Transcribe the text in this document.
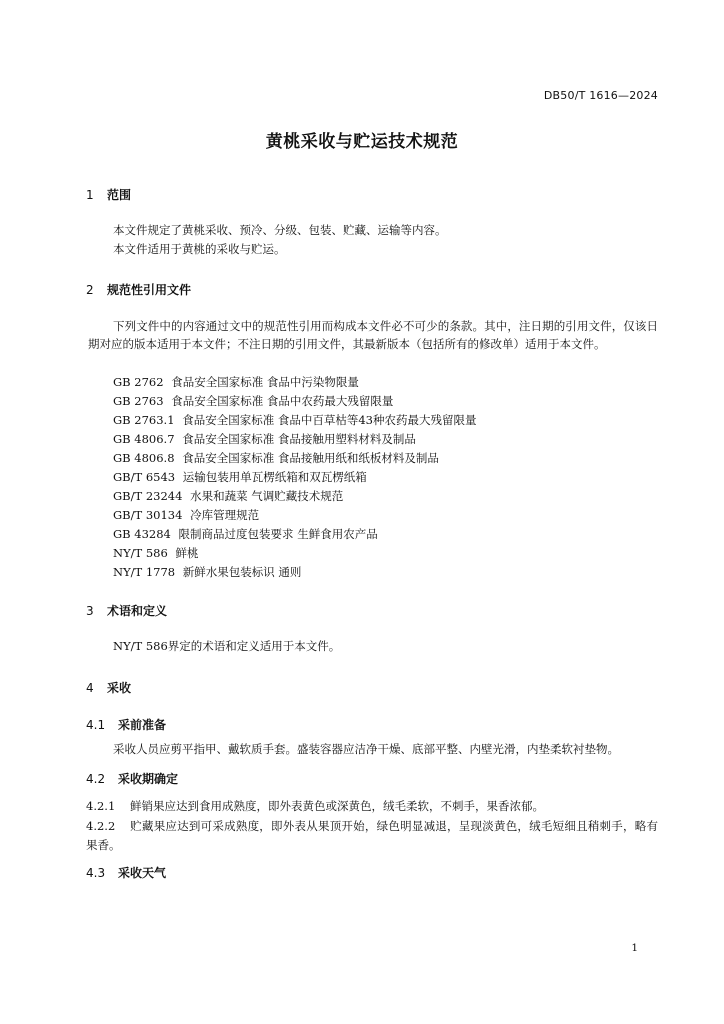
DB50/T 1616—2024
黄桃采收与贮运技术规范
1 范围
本文件规定了黄桃采收、预冷、分级、包装、贮藏、运输等内容。
本文件适用于黄桃的采收与贮运。
2 规范性引用文件
下列文件中的内容通过文中的规范性引用而构成本文件必不可少的条款。其中，注日期的引用文件，仅该日期对应的版本适用于本文件；不注日期的引用文件，其最新版本（包括所有的修改单）适用于本文件。
GB 2762 食品安全国家标准 食品中污染物限量
GB 2763 食品安全国家标准 食品中农药最大残留限量
GB 2763.1 食品安全国家标准 食品中百草枯等43种农药最大残留限量
GB 4806.7 食品安全国家标准 食品接触用塑料材料及制品
GB 4806.8 食品安全国家标准 食品接触用纸和纸板材料及制品
GB/T 6543 运输包装用单瓦楞纸箱和双瓦楞纸箱
GB/T 23244 水果和蔬菜 气调贮藏技术规范
GB/T 30134 冷库管理规范
GB 43284 限制商品过度包装要求 生鲜食用农产品
NY/T 586 鲜桃
NY/T 1778 新鲜水果包装标识 通则
3 术语和定义
NY/T 586界定的术语和定义适用于本文件。
4 采收
4.1 采前准备
采收人员应剪平指甲、戴软质手套。盛装容器应洁净干燥、底部平整、内壁光滑，内垫柔软衬垫物。
4.2 采收期确定
4.2.1 鲜销果应达到食用成熟度，即外表黄色或深黄色，绒毛柔软，不刺手，果香浓郁。
4.2.2 贮藏果应达到可采成熟度，即外表从果顶开始，绿色明显减退，呈现淡黄色，绒毛短细且稍刺手，略有果香。
4.3 采收天气
1
